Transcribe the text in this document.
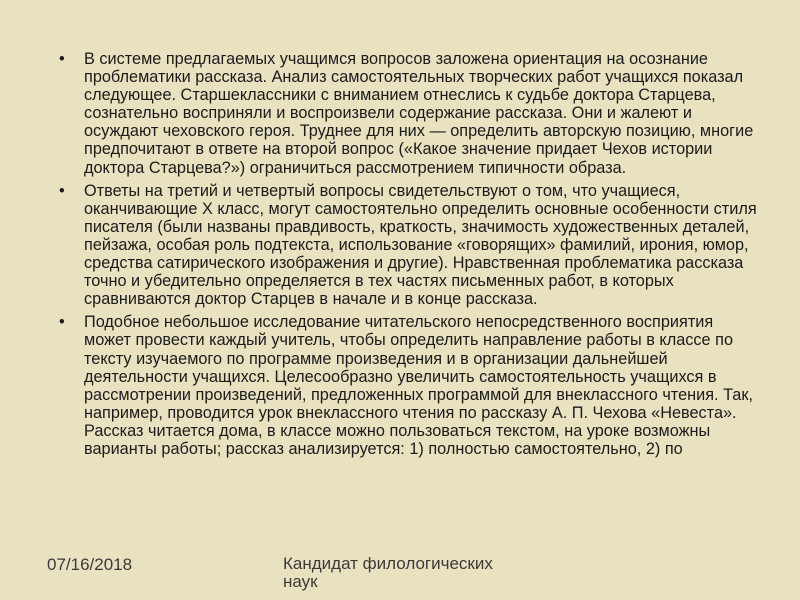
• В системе предлагаемых учащимся вопросов заложена ориентация на осознание проблематики рассказа. Анализ самостоятельных творческих работ учащихся показал следующее. Старшеклассники с вниманием отнеслись к судьбе доктора Старцева, сознательно восприняли и воспроизвели содержание рассказа. Они и жалеют и осуждают чеховского героя. Труднее для них — определить авторскую позицию, многие предпочитают в ответе на второй вопрос («Какое значение придает Чехов истории доктора Старцева?») ограничиться рассмотрением типичности образа.
• Ответы на третий и четвертый вопросы свидетельствуют о том, что учащиеся, оканчивающие X класс, могут самостоятельно определить основные особенности стиля писателя (были названы правдивость, краткость, значимость художественных деталей, пейзажа, особая роль подтекста, использование «говорящих» фамилий, ирония, юмор, средства сатирического изображения и другие). Нравственная проблематика рассказа точно и убедительно определяется в тех частях письменных работ, в которых сравниваются доктор Старцев в начале и в конце рассказа.
• Подобное небольшое исследование читательского непосредственного восприятия может провести каждый учитель, чтобы определить направление работы в классе по тексту изучаемого по программе произведения и в организации дальнейшей деятельности учащихся. Целесообразно увеличить самостоятельность учащихся в рассмотрении произведений, предложенных программой для внеклассного чтения. Так, например, проводится урок внеклассного чтения по рассказу А. П. Чехова «Невеста». Рассказ читается дома, в классе можно пользоваться текстом, на уроке возможны варианты работы; рассказ анализируется: 1) полностью самостоятельно, 2) по
07/16/2018	Кандидат филологических наук
